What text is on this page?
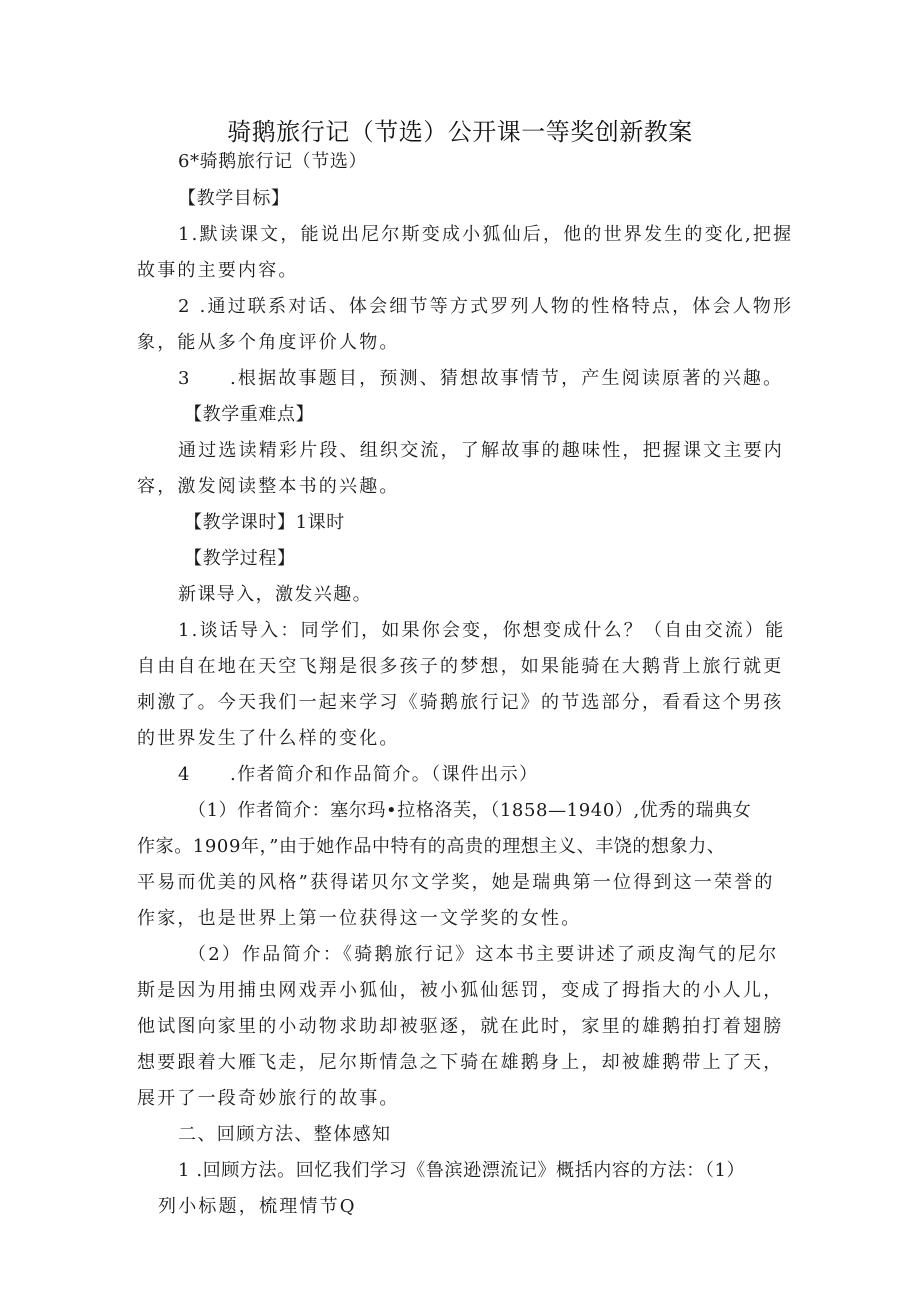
骑鹅旅行记（节选）公开课一等奖创新教案
6*骑鹅旅行记（节选）
【教学目标】
1.默读课文，能说出尼尔斯变成小狐仙后，他的世界发生的变化,把握
故事的主要内容。
2 .通过联系对话、体会细节等方式罗列人物的性格特点，体会人物形
象，能从多个角度评价人物。
3 .根据故事题目，预测、猜想故事情节，产生阅读原著的兴趣。
【教学重难点】
通过选读精彩片段、组织交流，了解故事的趣味性，把握课文主要内
容，激发阅读整本书的兴趣。
【教学课时】1课时
【教学过程】
新课导入，激发兴趣。
1.谈话导入：同学们，如果你会变，你想变成什么？（自由交流）能
自由自在地在天空飞翔是很多孩子的梦想，如果能骑在大鹅背上旅行就更
刺激了。今天我们一起来学习《骑鹅旅行记》的节选部分，看看这个男孩
的世界发生了什么样的变化。
4 .作者简介和作品简介。（课件出示）
（1）作者简介：塞尔玛•拉格洛芙，（1858—1940）,优秀的瑞典女
作家。1909年，”由于她作品中特有的高贵的理想主义、丰饶的想象力、
平易而优美的风格”获得诺贝尔文学奖，她是瑞典第一位得到这一荣誉的
作家，也是世界上第一位获得这一文学奖的女性。
（2）作品简介：《骑鹅旅行记》这本书主要讲述了顽皮淘气的尼尔
斯是因为用捕虫网戏弄小狐仙，被小狐仙惩罚，变成了拇指大的小人儿，
他试图向家里的小动物求助却被驱逐，就在此时，家里的雄鹅拍打着翅膀
想要跟着大雁飞走，尼尔斯情急之下骑在雄鹅身上，却被雄鹅带上了天，
展开了一段奇妙旅行的故事。
二、回顾方法、整体感知
1 .回顾方法。回忆我们学习《鲁滨逊漂流记》概括内容的方法：（1）
列小标题，梳理情节Q
